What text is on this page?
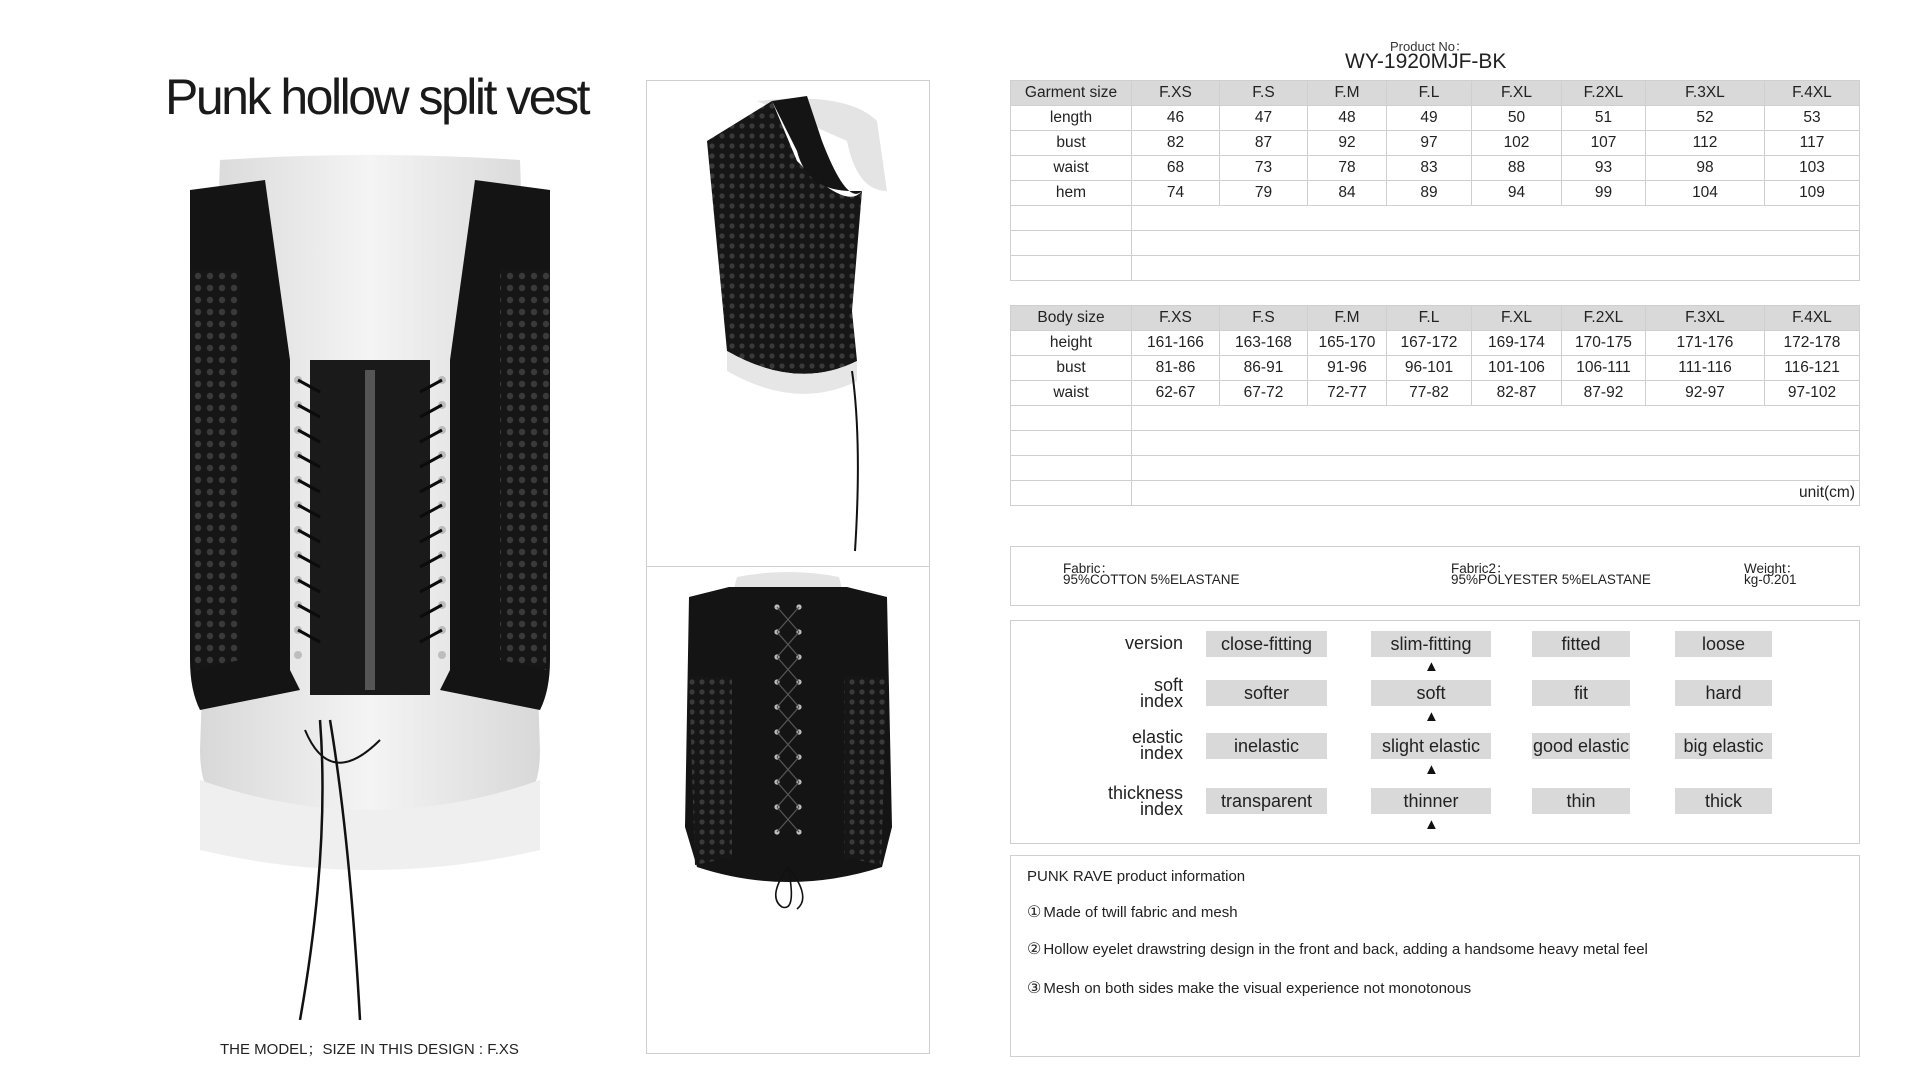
Punk hollow split vest
THE MODEL；SIZE IN THIS DESIGN : F.XS
Product No：
WY-1920MJF-BK
Garment size	F.XS	F.S	F.M	F.L	F.XL	F.2XL	F.3XL	F.4XL
length	46	47	48	49	50	51	52	53
bust	82	87	92	97	102	107	112	117
waist	68	73	78	83	88	93	98	103
hem	74	79	84	89	94	99	104	109

Body size	F.XS	F.S	F.M	F.L	F.XL	F.2XL	F.3XL	F.4XL
height	161-166	163-168	165-170	167-172	169-174	170-175	171-176	172-178
bust	81-86	86-91	91-96	96-101	101-106	106-111	111-116	116-121
waist	62-67	67-72	72-77	77-82	82-87	87-92	92-97	97-102

	unit(cm)							
Fabric：
95%COTTON 5%ELASTANE
Fabric2：
95%POLYESTER 5%ELASTANE
Weight：
kg-0.201
version	close-fitting	slim-fitting	fitted	loose
▲
soft
index	softer	soft	fit	hard
▲
elastic
index	inelastic	slight elastic	good elastic	big elastic
▲
thickness
index	transparent	thinner	thin	thick
▲
PUNK RAVE product information
① Made of twill fabric and mesh
② Hollow eyelet drawstring design in the front and back, adding a handsome heavy metal feel
③ Mesh on both sides make the visual experience not monotonous
